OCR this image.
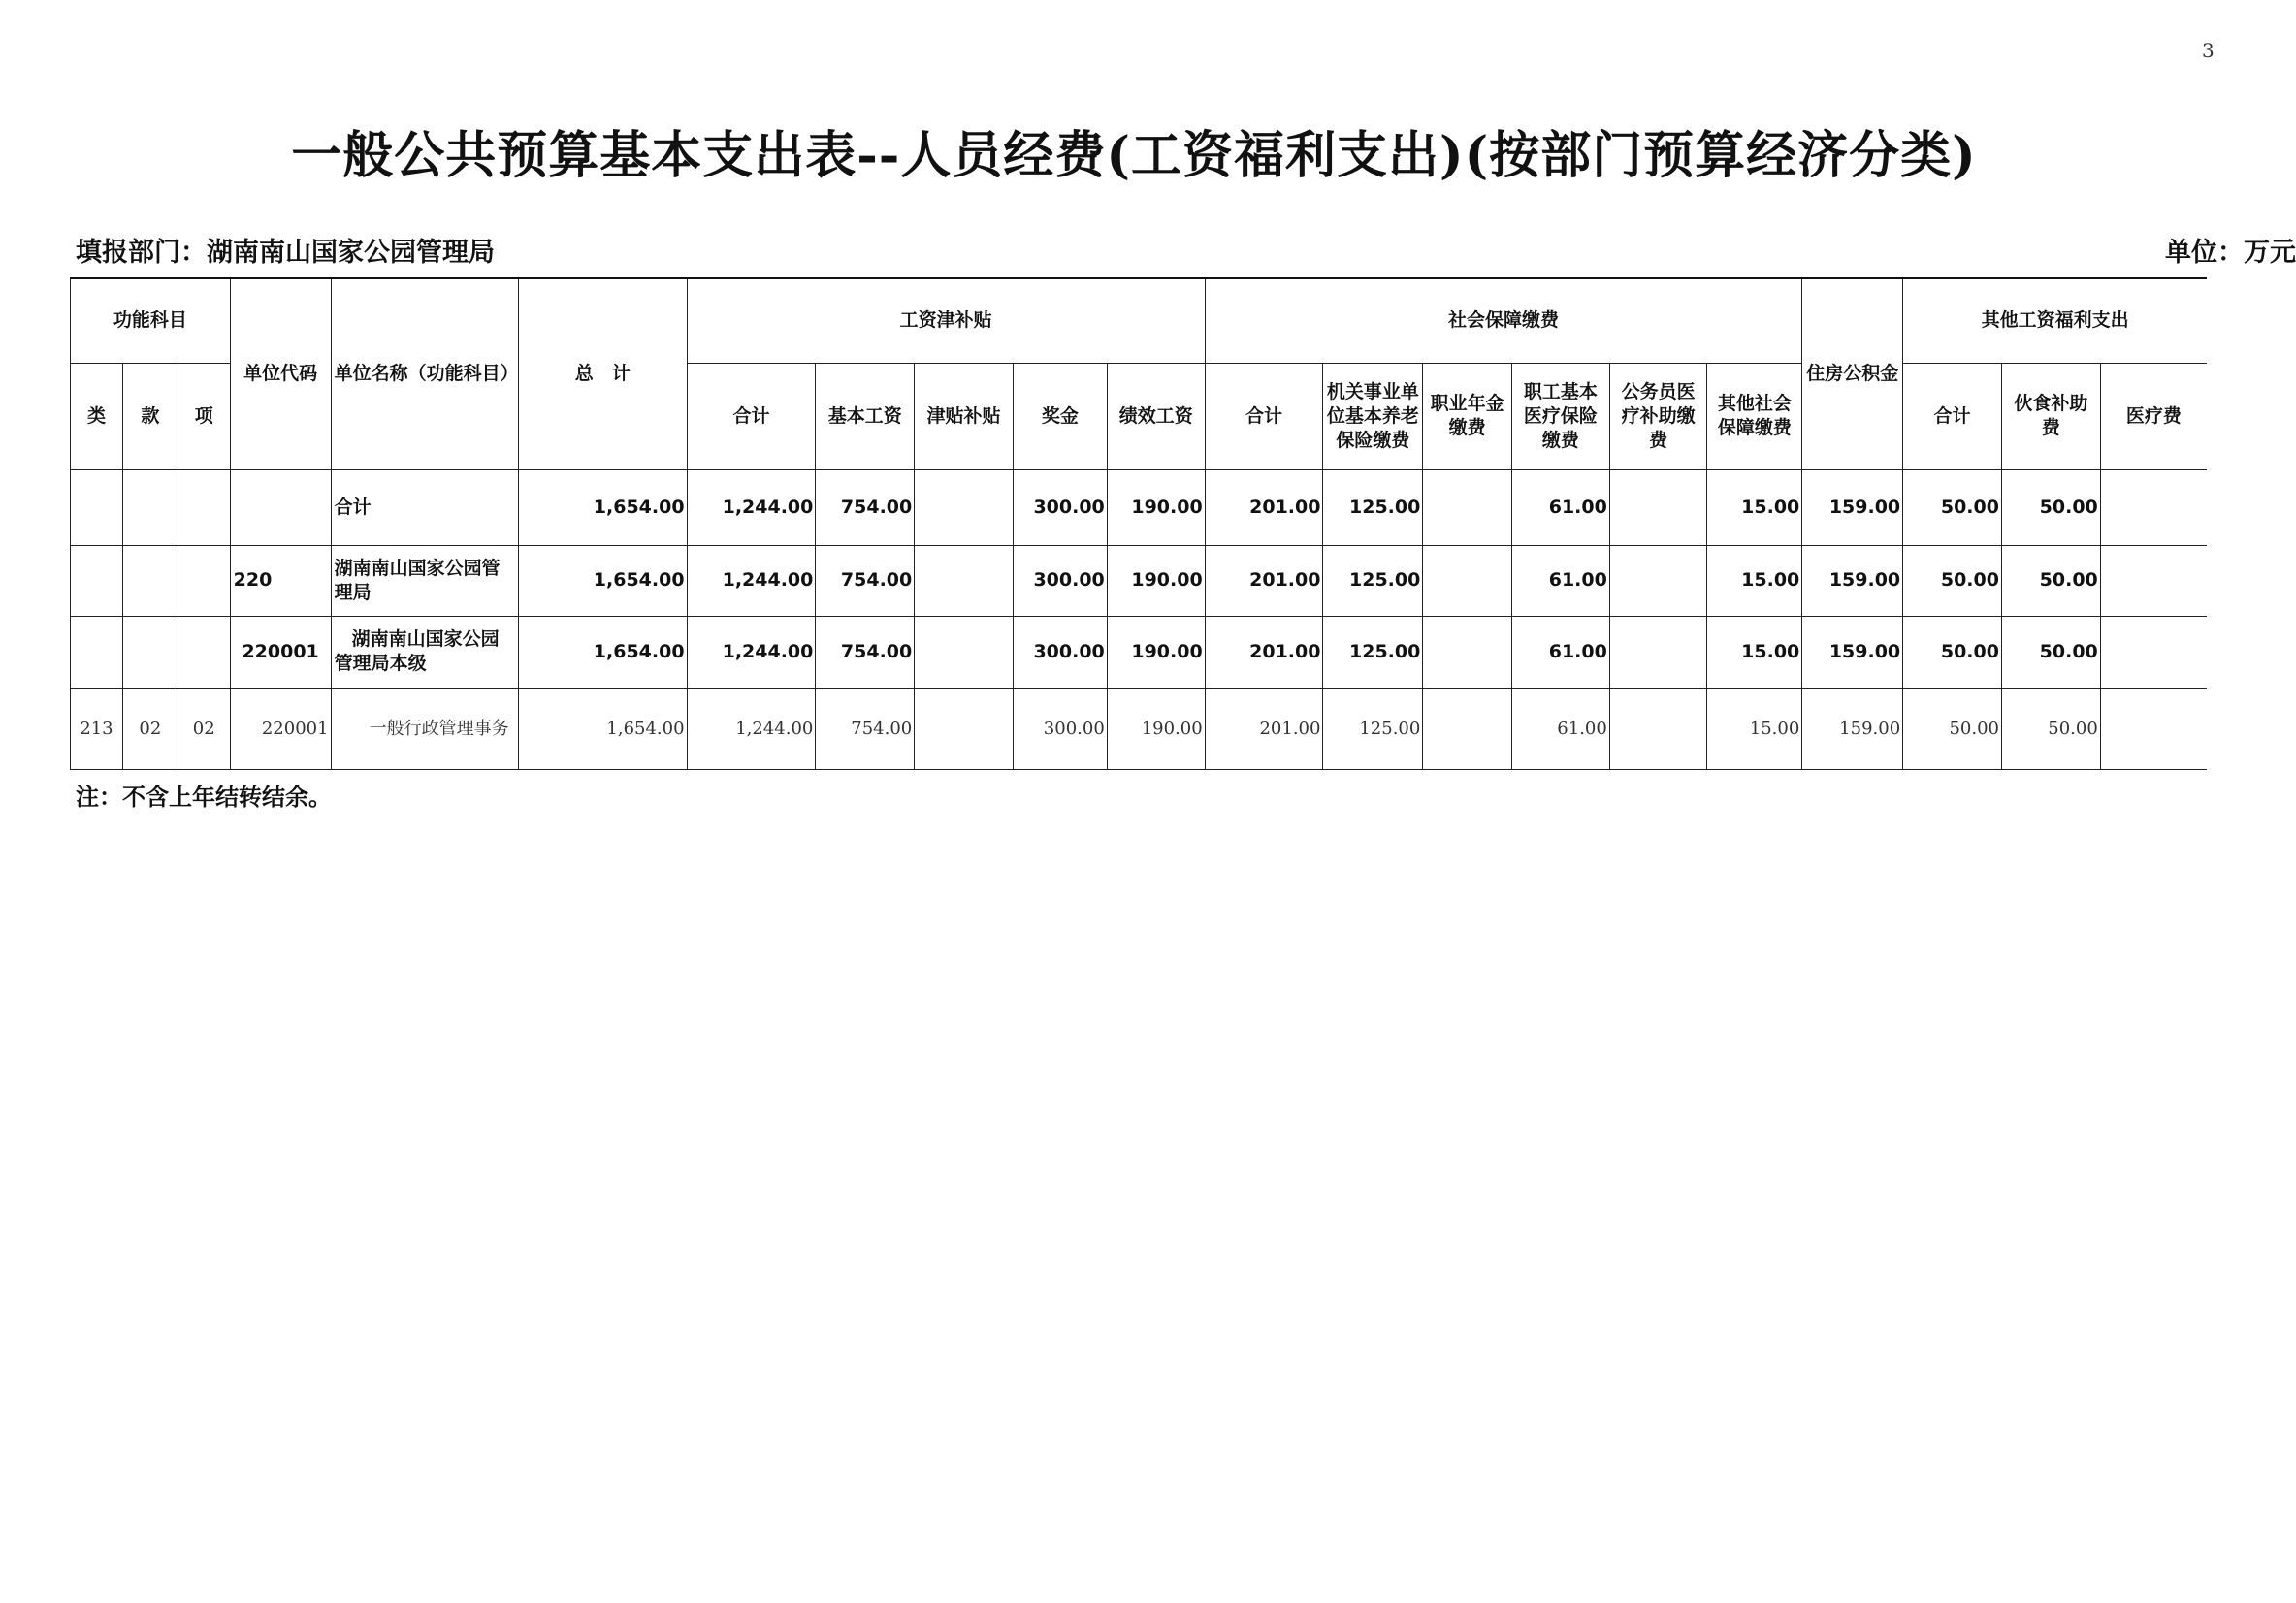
3
一般公共预算基本支出表--人员经费(工资福利支出)(按部门预算经济分类)
填报部门：湖南南山国家公园管理局	单位：万元
功能科目			单位代码	单位名称（功能科目）	总　计	工资津补贴					社会保障缴费						住房公积金	其他工资福利支出		
类	款	项				合计	基本工资	津贴补贴	奖金	绩效工资	合计	机关事业单位基本养老保险缴费	职业年金缴费	职工基本医疗保险缴费	公务员医疗补助缴费	其他社会保障缴费		合计	伙食补助费	医疗费
				合计	1,654.00	1,244.00	754.00		300.00	190.00	201.00	125.00		61.00		15.00	159.00	50.00	50.00	
			220	湖南南山国家公园管理局	1,654.00	1,244.00	754.00		300.00	190.00	201.00	125.00		61.00		15.00	159.00	50.00	50.00	
			220001	湖南南山国家公园管理局本级	1,654.00	1,244.00	754.00		300.00	190.00	201.00	125.00		61.00		15.00	159.00	50.00	50.00	
213	02	02	220001	一般行政管理事务	1,654.00	1,244.00	754.00		300.00	190.00	201.00	125.00		61.00		15.00	159.00	50.00	50.00	
注：不含上年结转结余。
